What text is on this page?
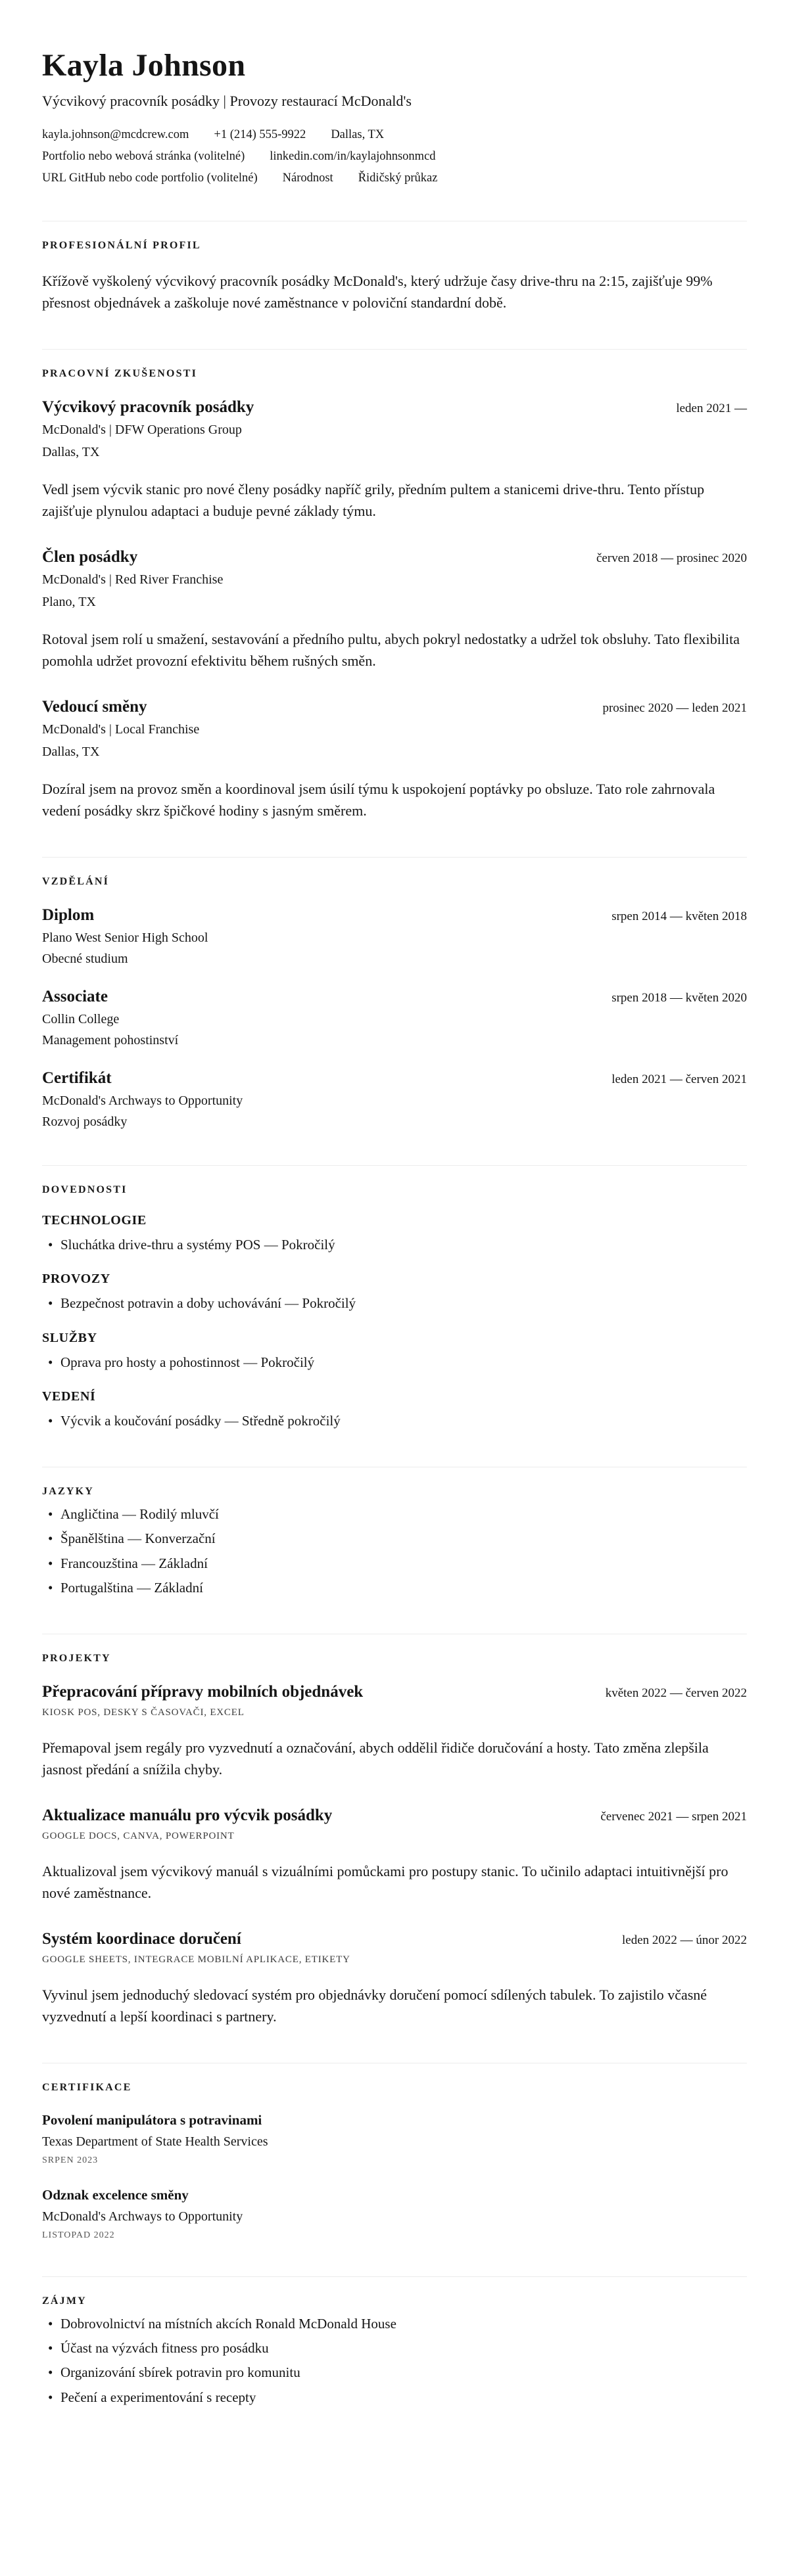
Kayla Johnson
Výcvikový pracovník posádky | Provozy restaurací McDonald's
kayla.johnson@mcdcrew.com +1 (214) 555-9922 Dallas, TX
Portfolio nebo webová stránka (volitelné) linkedin.com/in/kaylajohnsonmcd
URL GitHub nebo code portfolio (volitelné) Národnost Řidičský průkaz
PROFESIONÁLNÍ PROFIL

Křížově vyškolený výcvikový pracovník posádky McDonald's, který udržuje časy drive-thru na 2:15, zajišťuje 99% přesnost objednávek a zaškoluje nové zaměstnance v poloviční standardní době.

PRACOVNÍ ZKUŠENOSTI
Výcvikový pracovník posádky	leden 2021 —
McDonald's | DFW Operations Group
Dallas, TX

Vedl jsem výcvik stanic pro nové členy posádky napříč grily, předním pultem a stanicemi drive-thru. Tento přístup zajišťuje plynulou adaptaci a buduje pevné základy týmu.

Člen posádky	červen 2018 — prosinec 2020
McDonald's | Red River Franchise
Plano, TX

Rotoval jsem rolí u smažení, sestavování a předního pultu, abych pokryl nedostatky a udržel tok obsluhy. Tato flexibilita pomohla udržet provozní efektivitu během rušných směn.

Vedoucí směny	prosinec 2020 — leden 2021
McDonald's | Local Franchise
Dallas, TX

Dozíral jsem na provoz směn a koordinoval jsem úsilí týmu k uspokojení poptávky po obsluze. Tato role zahrnovala vedení posádky skrz špičkové hodiny s jasným směrem.

VZDĚLÁNÍ
Diplom	srpen 2014 — květen 2018
Plano West Senior High School
Obecné studium
Associate	srpen 2018 — květen 2020
Collin College
Management pohostinství
Certifikát	leden 2021 — červen 2021
McDonald's Archways to Opportunity
Rozvoj posádky
DOVEDNOSTI
TECHNOLOGIE
• Sluchátka drive-thru a systémy POS — Pokročilý
PROVOZY
• Bezpečnost potravin a doby uchovávání — Pokročilý
SLUŽBY
• Oprava pro hosty a pohostinnost — Pokročilý
VEDENÍ
• Výcvik a koučování posádky — Středně pokročilý
JAZYKY
• Angličtina — Rodilý mluvčí
• Španělština — Konverzační
• Francouzština — Základní
• Portugalština — Základní
PROJEKTY
Přepracování přípravy mobilních objednávek	květen 2022 — červen 2022
KIOSK POS, DESKY S ČASOVAČI, EXCEL

Přemapoval jsem regály pro vyzvednutí a označování, abych oddělil řidiče doručování a hosty. Tato změna zlepšila jasnost předání a snížila chyby.

Aktualizace manuálu pro výcvik posádky	červenec 2021 — srpen 2021
GOOGLE DOCS, CANVA, POWERPOINT

Aktualizoval jsem výcvikový manuál s vizuálními pomůckami pro postupy stanic. To učinilo adaptaci intuitivnější pro nové zaměstnance.

Systém koordinace doručení	leden 2022 — únor 2022
GOOGLE SHEETS, INTEGRACE MOBILNÍ APLIKACE, ETIKETY

Vyvinul jsem jednoduchý sledovací systém pro objednávky doručení pomocí sdílených tabulek. To zajistilo včasné vyzvednutí a lepší koordinaci s partnery.

CERTIFIKACE
Povolení manipulátora s potravinami
Texas Department of State Health Services
SRPEN 2023
Odznak excelence směny
McDonald's Archways to Opportunity
LISTOPAD 2022
ZÁJMY
• Dobrovolnictví na místních akcích Ronald McDonald House
• Účast na výzvách fitness pro posádku
• Organizování sbírek potravin pro komunitu
• Pečení a experimentování s recepty
